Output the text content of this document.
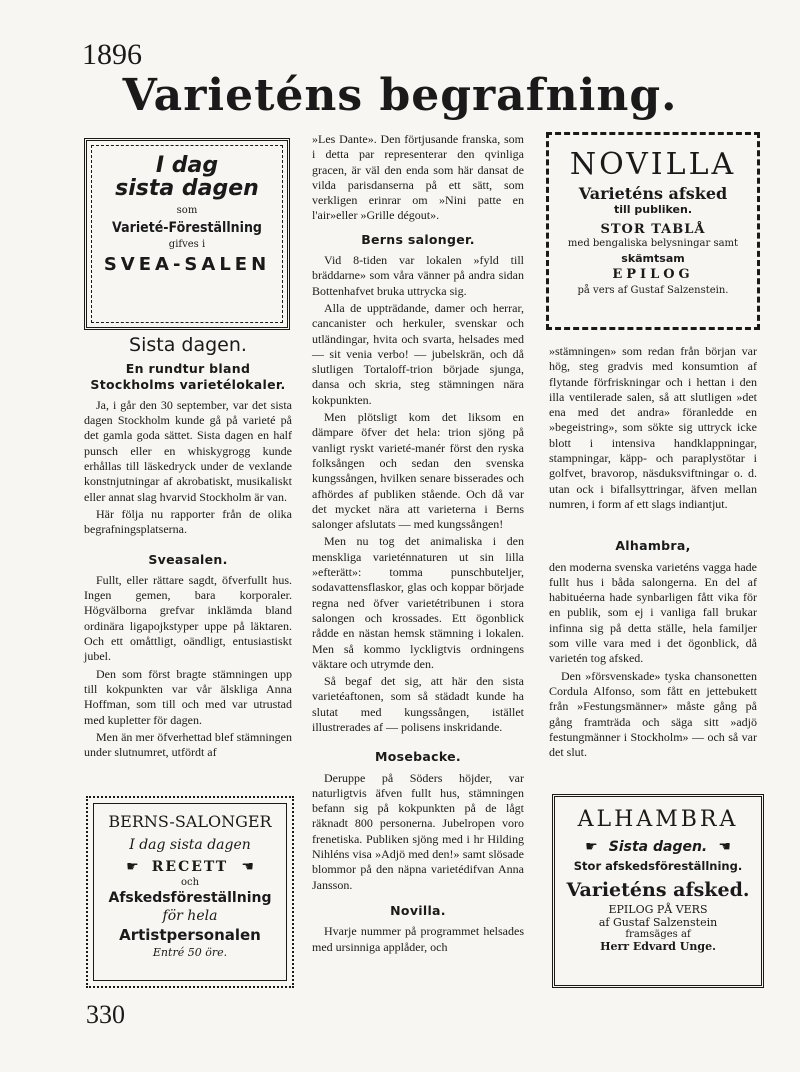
1896
Varieténs begrafning.
I dag
sista dagen
som
Varieté-Föreställning
gifves i
SVEA-SALEN
Sista dagen.
En rundtur bland Stockholms varietélokaler.

Ja, i går den 30 september, var det sista dagen Stockholm kunde gå på varieté på det gamla goda sättet. Sista dagen en half punsch eller en whiskygrogg kunde erhållas till läskedryck under de vexlande konstnjutningar af akrobatiskt, musikaliskt eller annat slag hvarvid Stockholm är van.

Här följa nu rapporter från de olika begrafningsplatserna.

Sveasalen.

Fullt, eller rättare sagdt, öfverfullt hus. Ingen gemen, bara korporaler. Högvälborna grefvar inklämda bland ordinära ligapojkstyper uppe på läktaren. Och ett omåttligt, oändligt, entusiastiskt jubel.

Den som först bragte stämningen upp till kokpunkten var vår älskliga Anna Hoffman, som till och med var utrustad med kupletter för dagen.

Men än mer öfverhettad blef stämningen under slutnumret, utfördt af

BERNS-SALONGER
I dag sista dagen
☛ RECETT ☚
och
Afskedsföreställning
för hela
Artistpersonalen
Entré 50 öre.

»Les Dante». Den förtjusande franska, som i detta par representerar den qvinliga gracen, är väl den enda som här dansat de vilda parisdanserna på ett sätt, som verkligen erinrar om »Nini patte en l'air»eller »Grille dégout».

Berns salonger.

Vid 8-tiden var lokalen »fyld till bräddarne» som våra vänner på andra sidan Bottenhafvet bruka uttrycka sig.

Alla de uppträdande, damer och herrar, cancanister och herkuler, svenskar och utländingar, hvita och svarta, helsades med — sit venia verbo! — jubelskrän, och då slutligen Tortaloff-trion började sjunga, dansa och skria, steg stämningen nära kokpunkten.

Men plötsligt kom det liksom en dämpare öfver det hela: trion sjöng på vanligt ryskt varieté-manér först den ryska folksången och sedan den svenska kungssången, hvilken senare bisserades och afhördes af publiken stående. Och då var det mycket nära att varieterna i Berns salonger afslutats — med kungssången!

Men nu tog det animaliska i den menskliga varieténnaturen ut sin lilla »efterätt»: tomma punschbuteljer, sodavattensflaskor, glas och koppar började regna ned öfver varietétribunen i stora salongen och krossades. Ett ögonblick rådde en nästan hemsk stämning i lokalen. Men så kommo lyckligtvis ordningens väktare och utrymde den.

Så begaf det sig, att här den sista varietéaftonen, som så städadt kunde ha slutat med kungssången, istället illustrerades af — polisens inskridande.

Mosebacke.

Deruppe på Söders höjder, var naturligtvis äfven fullt hus, stämningen befann sig på kokpunkten på de lågt räknadt 800 personerna. Jubelropen voro frenetiska. Publiken sjöng med i hr Hilding Nihléns visa »Adjö med den!» samt slösade blommor på den näpna varietédifvan Anna Jansson.

Novilla.

Hvarje nummer på programmet helsades med ursinniga applåder, och

NOVILLA
Varieténs afsked
till publiken.
STOR TABLÅ
med bengaliska belysningar samt
skämtsam
EPILOG
på vers af Gustaf Salzenstein.

»stämningen» som redan från början var hög, steg gradvis med konsumtion af flytande förfriskningar och i hettan i den illa ventilerade salen, så att slutligen »det ena med det andra» föranledde en »begeistring», som sökte sig uttryck icke blott i intensiva handklappningar, stampningar, käpp- och paraplystötar i golfvet, bravorop, näsduksviftningar o. d. utan ock i bifallsyttringar, äfven mellan numren, i form af ett slags indiantjut.

Alhambra,

den moderna svenska varieténs vagga hade fullt hus i båda salongerna. En del af habituéerna hade synbarligen fått vika för en publik, som ej i vanliga fall brukar infinna sig på detta ställe, hela familjer som ville vara med i det ögonblick, då varietén tog afsked.

Den »försvenskade» tyska chansonetten Cordula Alfonso, som fått en jettebukett från »Festungsmänner» måste gång på gång framträda och säga sitt »adjö festungmänner i Stockholm» — och så var det slut.

ALHAMBRA
☛ Sista dagen. ☚
Stor afskedsföreställning.
Varieténs afsked.
EPILOG PÅ VERS
af Gustaf Salzenstein
framsäges af
Herr Edvard Unge.
330
